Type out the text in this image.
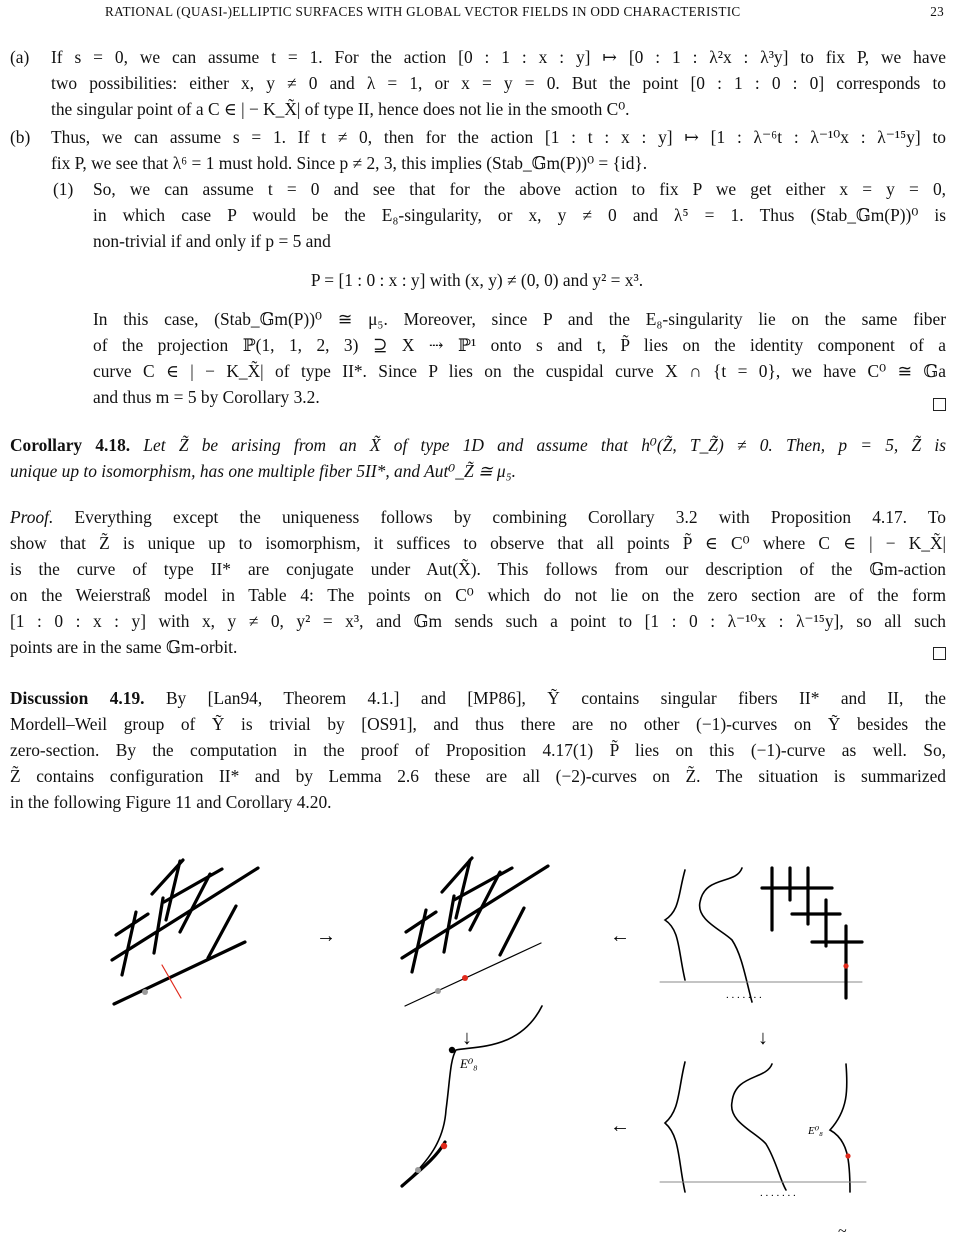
RATIONAL (QUASI-)ELLIPTIC SURFACES WITH GLOBAL VECTOR FIELDS IN ODD CHARACTERISTIC	23
(a) If s = 0, we can assume t = 1. For the action [0 : 1 : x : y] ↦ [0 : 1 : λ²x : λ³y] to fix P, we have
two possibilities: either x, y ≠ 0 and λ = 1, or x = y = 0. But the point [0 : 1 : 0 : 0] corresponds to
the singular point of a C ∈ | − K_X̃| of type II, hence does not lie in the smooth C⁰.
(b) Thus, we can assume s = 1. If t ≠ 0, then for the action [1 : t : x : y] ↦ [1 : λ⁻⁶t : λ⁻¹⁰x : λ⁻¹⁵y] to
fix P, we see that λ⁶ = 1 must hold. Since p ≠ 2, 3, this implies (Stab_𝔾m(P))⁰ = {id}.
(1) So, we can assume t = 0 and see that for the above action to fix P we get either x = y = 0,
in which case P would be the E₈-singularity, or x, y ≠ 0 and λ⁵ = 1. Thus (Stab_𝔾m(P))⁰ is
non-trivial if and only if p = 5 and
P = [1 : 0 : x : y] with (x, y) ≠ (0, 0) and y² = x³.
In this case, (Stab_𝔾m(P))⁰ ≅ μ₅. Moreover, since P and the E₈-singularity lie on the same fiber
of the projection ℙ(1, 1, 2, 3) ⊇ X ⇢ ℙ¹ onto s and t, P̃ lies on the identity component of a
curve C ∈ | − K_X̃| of type II*. Since P lies on the cuspidal curve X ∩ {t = 0}, we have C⁰ ≅ 𝔾a
and thus m = 5 by Corollary 3.2.
Corollary 4.18. Let Z̃ be arising from an X̃ of type 1D and assume that h⁰(Z̃, T_Z̃) ≠ 0. Then, p = 5, Z̃ is
unique up to isomorphism, has one multiple fiber 5II*, and Aut⁰_Z̃ ≅ μ₅.
Proof. Everything except the uniqueness follows by combining Corollary 3.2 with Proposition 4.17. To
show that Z̃ is unique up to isomorphism, it suffices to observe that all points P̃ ∈ C⁰ where C ∈ | − K_X̃|
is the curve of type II* are conjugate under Aut(X̃). This follows from our description of the 𝔾m-action
on the Weierstraß model in Table 4: The points on C⁰ which do not lie on the zero section are of the form
[1 : 0 : x : y] with x, y ≠ 0, y² = x³, and 𝔾m sends such a point to [1 : 0 : λ⁻¹⁰x : λ⁻¹⁵y], so all such
points are in the same 𝔾m-orbit.
Discussion 4.19. By [Lan94, Theorem 4.1.] and [MP86], Ỹ contains singular fibers II* and II, the
Mordell–Weil group of Ỹ is trivial by [OS91], and thus there are no other (−1)-curves on Ỹ besides the
zero-section. By the computation in the proof of Proposition 4.17(1) P̃ lies on this (−1)-curve as well. So,
Z̃ contains configuration II* and by Lemma 2.6 these are all (−2)-curves on Z̃. The situation is summarized
in the following Figure 11 and Corollary 4.20.
→	←
. . . . . . .
↓	↓
E⁰₈
←	E⁰₈
. . . . . . .
~
